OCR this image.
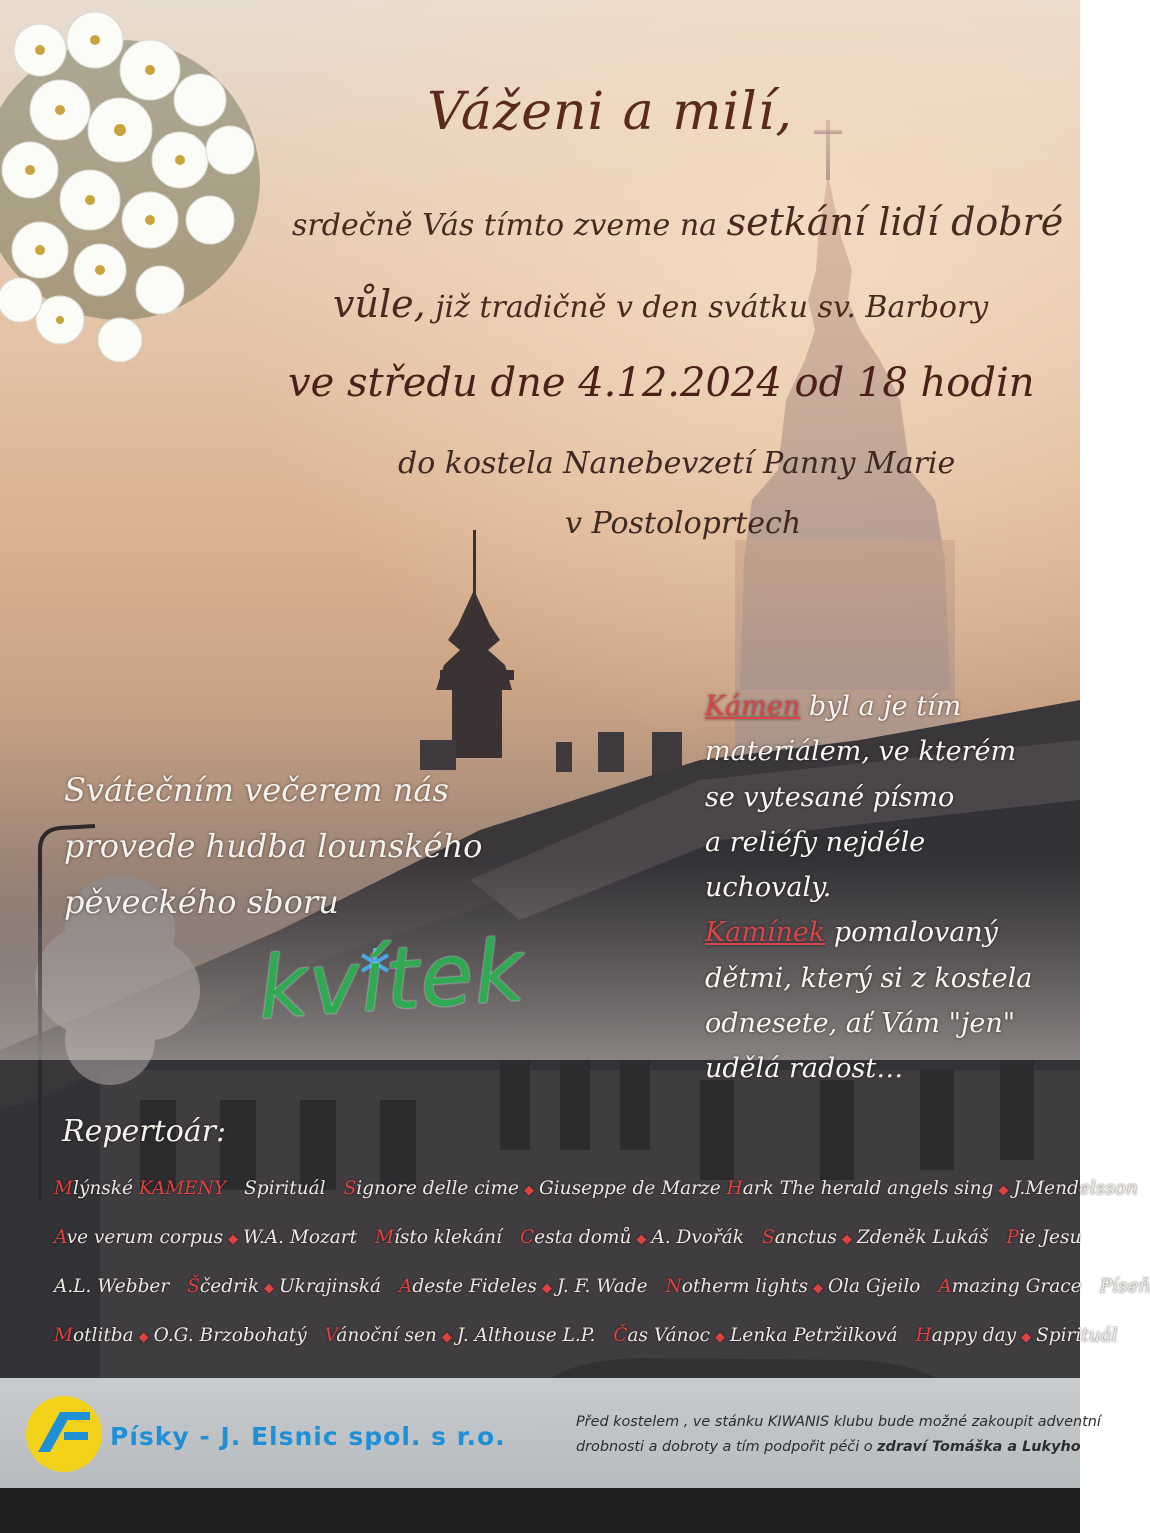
Váženi a milí,
srdečně Vás tímto zveme na setkání lidí dobré
vůle, již tradičně v den svátku sv. Barbory
ve středu dne 4.12.2024 od 18 hodin
do kostela Nanebevzetí Panny Marie
v Postoloprtech
Svátečním večerem nás
provede hudba lounského
pěveckého sboru
kvítek
Kámen byl a je tím
materiálem, ve kterém
se vytesané písmo
a reliéfy nejdéle
uchovaly.
Kamínek pomalovaný
dětmi, který si z kostela
odnesete, ať Vám "jen"
udělá radost…
Repertoár:
Mlýnské KAMENY Spirituál Signore delle cime ◆ Giuseppe de Marze Hark The herald angels sing ◆ J.Mendelsson
Ave verum corpus ◆ W.A. Mozart Místo klekání Cesta domů ◆ A. Dvořák Sanctus ◆ Zdeněk Lukáš Pie Jesu
A.L. Webber Ščedrik ◆ Ukrajinská Adeste Fideles ◆ J. F. Wade Notherm lights ◆ Ola Gjeilo Amazing Grace Píseň
Motlitba ◆ O.G. Brzobohatý Vánoční sen ◆ J. Althouse L.P. Čas Vánoc ◆ Lenka Petržilková Happy day ◆ Spirituál
Písky - J. Elsnic spol. s r.o.	Před kostelem , ve stánku KIWANIS klubu bude možné zakoupit adventní
drobnosti a dobroty a tím podpořit péči o zdraví Tomáška a Lukyho
